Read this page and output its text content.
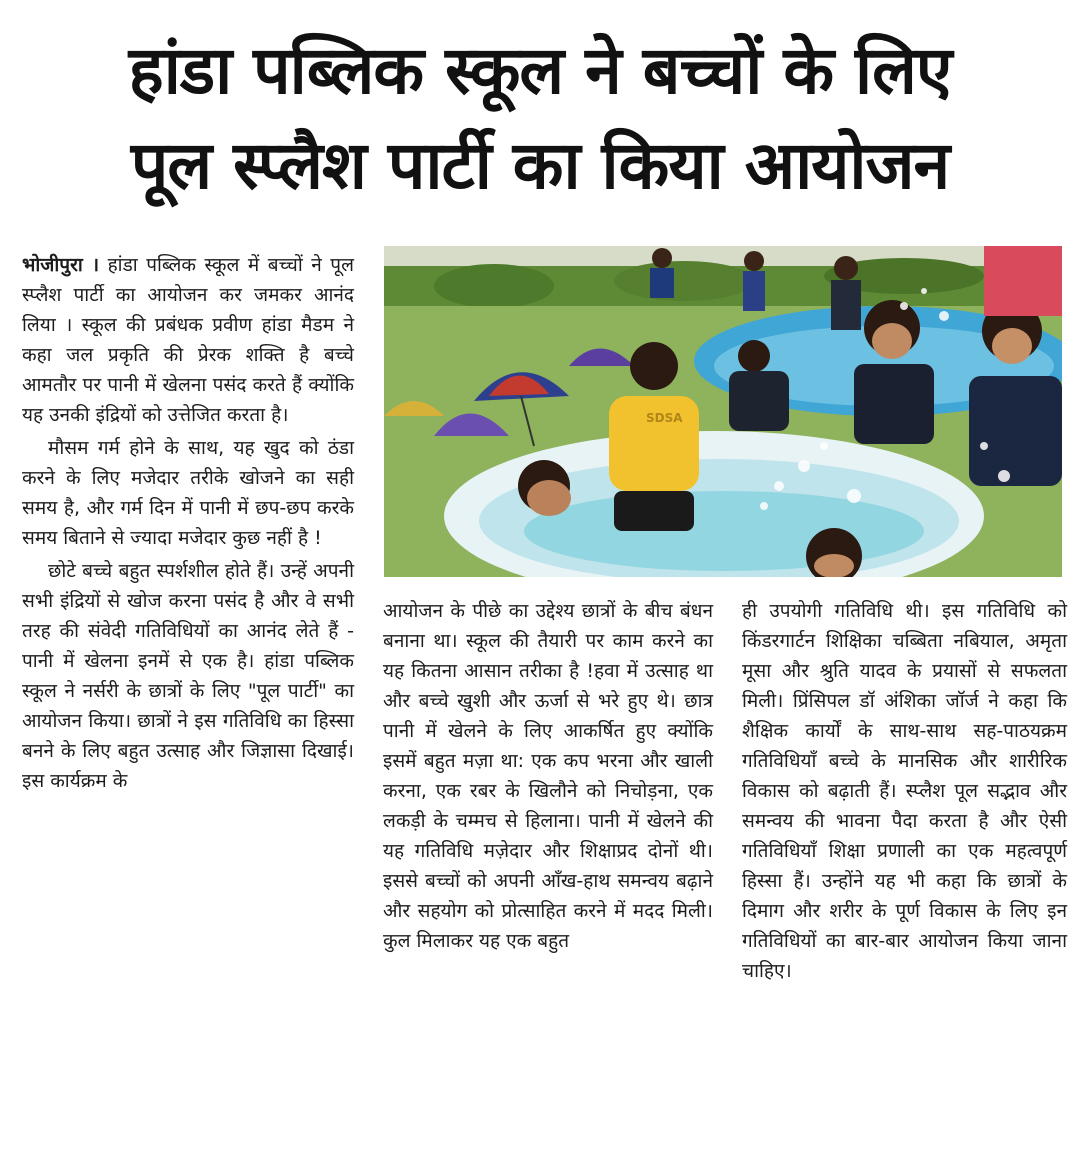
हांडा पब्लिक स्कूल ने बच्चों के लिए
पूल स्प्लैश पार्टी का किया आयोजन

भोजीपुरा । हांडा पब्लिक स्कूल में बच्चों ने पूल स्प्लैश पार्टी का आयोजन कर जमकर आनंद लिया । स्कूल की प्रबंधक प्रवीण हांडा मैडम ने कहा जल प्रकृति की प्रेरक शक्ति है बच्चे आमतौर पर पानी में खेलना पसंद करते हैं क्योंकि यह उनकी इंद्रियों को उत्तेजित करता है।

मौसम गर्म होने के साथ, यह खुद को ठंडा करने के लिए मजेदार तरीके खोजने का सही समय है, और गर्म दिन में पानी में छप-छप करके समय बिताने से ज्यादा मजेदार कुछ नहीं है !

छोटे बच्चे बहुत स्पर्शशील होते हैं। उन्हें अपनी सभी इंद्रियों से खोज करना पसंद है और वे सभी तरह की संवेदी गतिविधियों का आनंद लेते हैं - पानी में खेलना इनमें से एक है। हांडा पब्लिक स्कूल ने नर्सरी के छात्रों के लिए "पूल पार्टी" का आयोजन किया। छात्रों ने इस गतिविधि का हिस्सा बनने के लिए बहुत उत्साह और जिज्ञासा दिखाई। इस कार्यक्रम के

SDSA

आयोजन के पीछे का उद्देश्य छात्रों के बीच बंधन बनाना था। स्कूल की तैयारी पर काम करने का यह कितना आसान तरीका है !हवा में उत्साह था और बच्चे खुशी और ऊर्जा से भरे हुए थे। छात्र पानी में खेलने के लिए आकर्षित हुए क्योंकि इसमें बहुत मज़ा था: एक कप भरना और खाली करना, एक रबर के खिलौने को निचोड़ना, एक लकड़ी के चम्मच से हिलाना। पानी में खेलने की यह गतिविधि मज़ेदार और शिक्षाप्रद दोनों थी। इससे बच्चों को अपनी आँख-हाथ समन्वय बढ़ाने और सहयोग को प्रोत्साहित करने में मदद मिली। कुल मिलाकर यह एक बहुत

ही उपयोगी गतिविधि थी। इस गतिविधि को किंडरगार्टन शिक्षिका चब्बिता नबियाल, अमृता मूसा और श्रुति यादव के प्रयासों से सफलता मिली। प्रिंसिपल डॉ अंशिका जॉर्ज ने कहा कि शैक्षिक कार्यों के साथ-साथ सह-पाठयक्रम गतिविधियाँ बच्चे के मानसिक और शारीरिक विकास को बढ़ाती हैं। स्प्लैश पूल सद्भाव और समन्वय की भावना पैदा करता है और ऐसी गतिविधियाँ शिक्षा प्रणाली का एक महत्वपूर्ण हिस्सा हैं। उन्होंने यह भी कहा कि छात्रों के दिमाग और शरीर के पूर्ण विकास के लिए इन गतिविधियों का बार-बार आयोजन किया जाना चाहिए।
